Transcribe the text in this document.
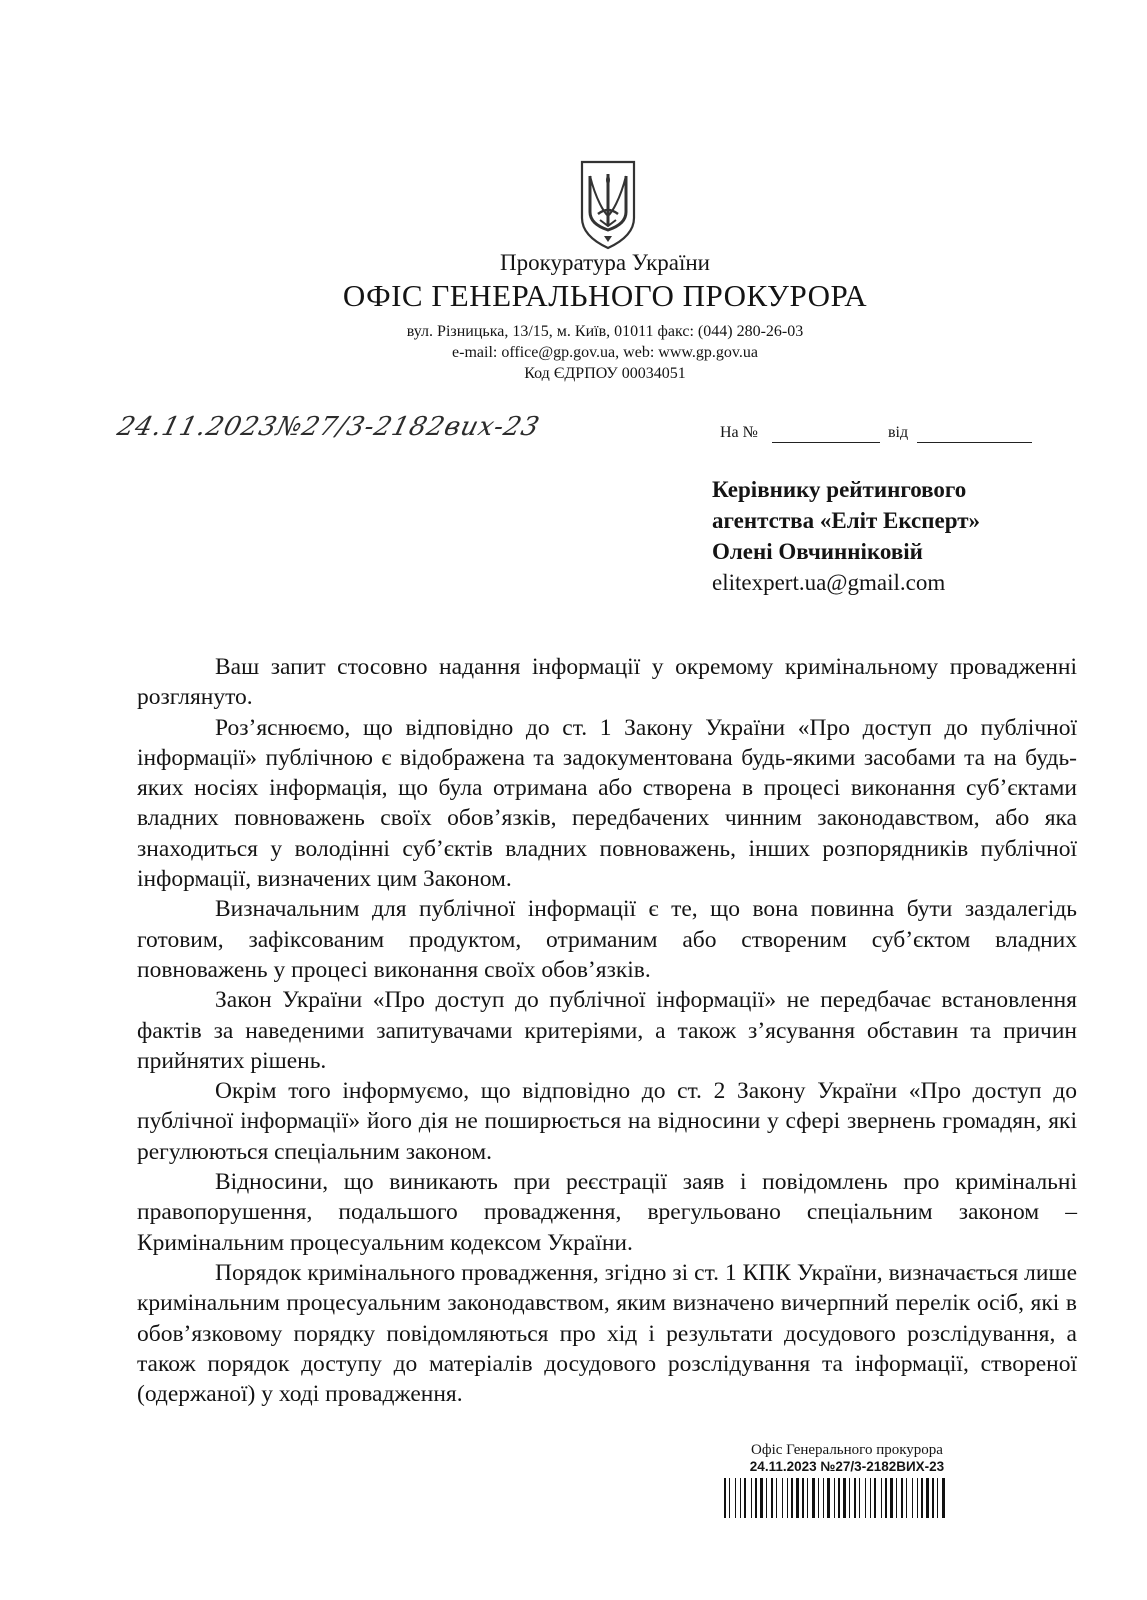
Прокуратура України
ОФІС ГЕНЕРАЛЬНОГО ПРОКУРОРА
вул. Різницька, 13/15, м. Київ, 01011 факс: (044) 280-26-03
e-mail: office@gp.gov.ua, web: www.gp.gov.ua
Код ЄДРПОУ 00034051
24.11.2023№27/3-2182вих-23	На №	від
Керівнику рейтингового
агентства «Еліт Експерт»
Олені Овчинніковій
elitexpert.ua@gmail.com

Ваш запит стосовно надання інформації у окремому кримінальному провадженні розглянуто.

Роз’яснюємо, що відповідно до ст. 1 Закону України «Про доступ до публічної інформації» публічною є відображена та задокументована будь-якими засобами та на будь-яких носіях інформація, що була отримана або створена в процесі виконання суб’єктами владних повноважень своїх обов’язків, передбачених чинним законодавством, або яка знаходиться у володінні суб’єктів владних повноважень, інших розпорядників публічної інформації, визначених цим Законом.

Визначальним для публічної інформації є те, що вона повинна бути заздалегідь готовим, зафіксованим продуктом, отриманим або створеним суб’єктом владних повноважень у процесі виконання своїх обов’язків.

Закон України «Про доступ до публічної інформації» не передбачає встановлення фактів за наведеними запитувачами критеріями, а також з’ясування обставин та причин прийнятих рішень.

Окрім того інформуємо, що відповідно до ст. 2 Закону України «Про доступ до публічної інформації» його дія не поширюється на відносини у сфері звернень громадян, які регулюються спеціальним законом.

Відносини, що виникають при реєстрації заяв і повідомлень про кримінальні правопорушення, подальшого провадження, врегульовано спеціальним законом – Кримінальним процесуальним кодексом України.

Порядок кримінального провадження, згідно зі ст. 1 КПК України, визначається лише кримінальним процесуальним законодавством, яким визначено вичерпний перелік осіб, які в обов’язковому порядку повідомляються про хід і результати досудового розслідування, а також порядок доступу до матеріалів досудового розслідування та інформації, створеної (одержаної) у ході провадження.

Офіс Генерального прокурора
24.11.2023 №27/3-2182ВИХ-23
